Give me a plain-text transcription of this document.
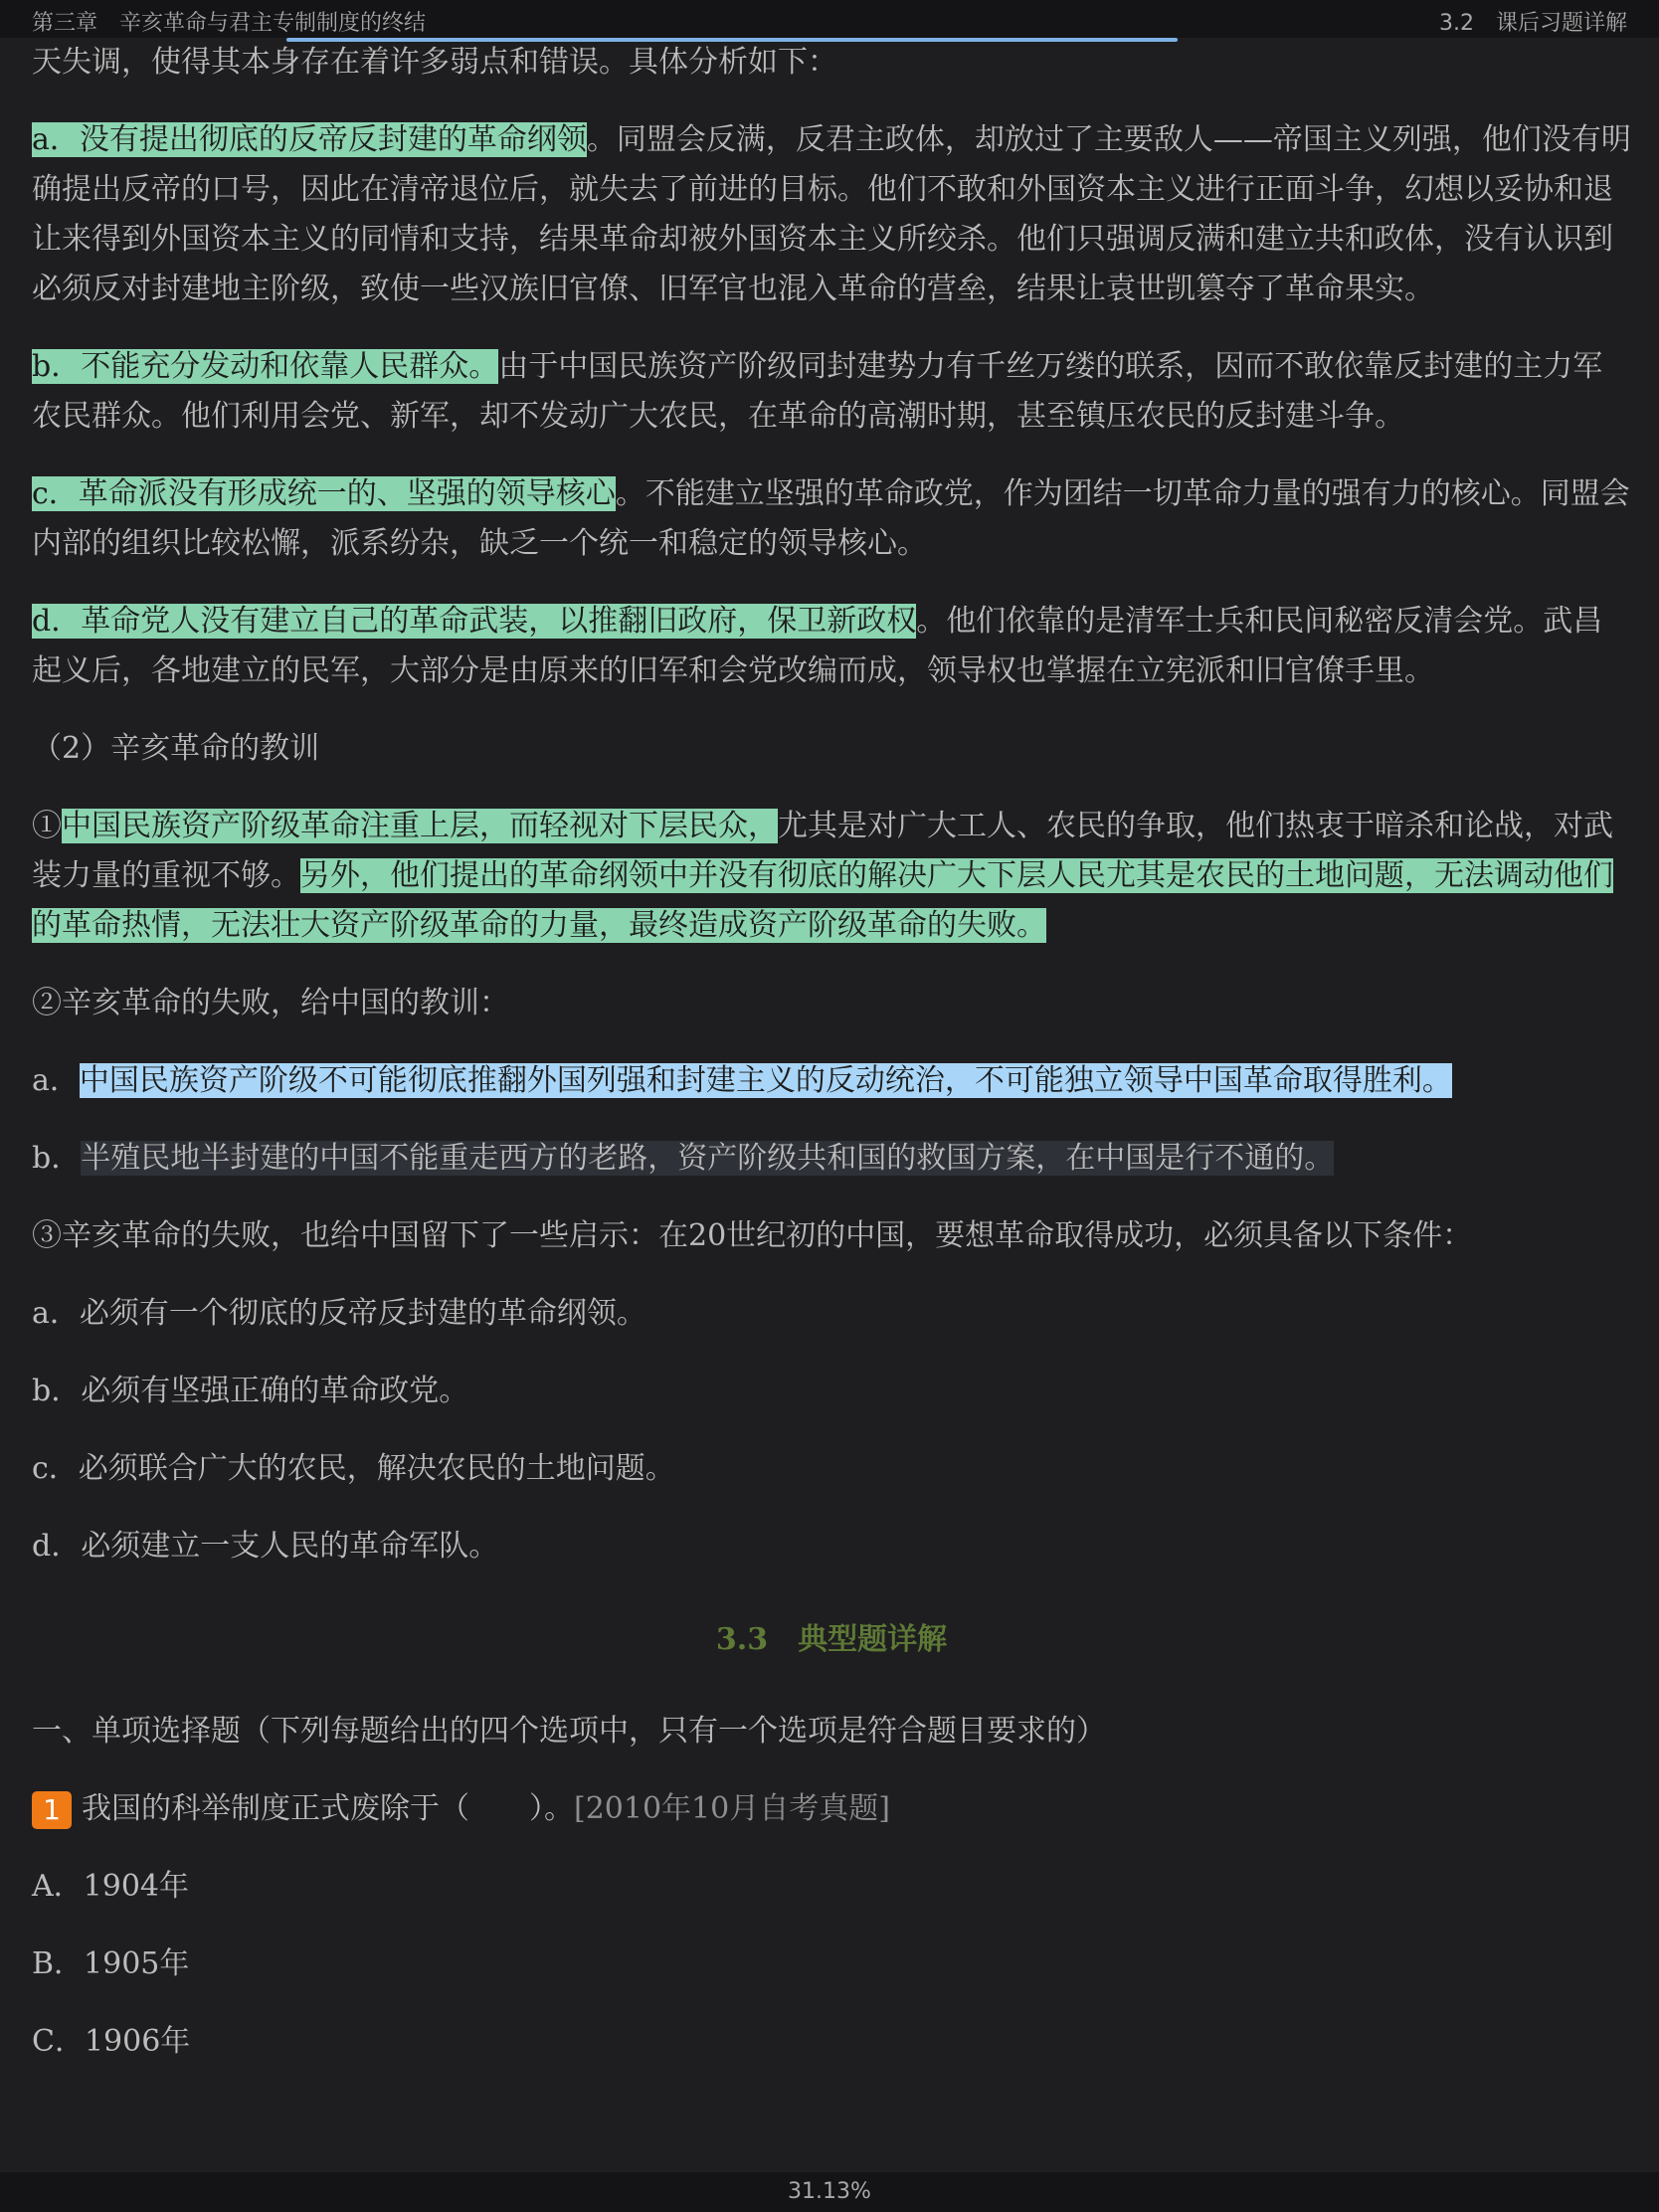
第三章　辛亥革命与君主专制制度的终结	3.2　课后习题详解

天失调，使得其本身存在着许多弱点和错误。具体分析如下：

a．没有提出彻底的反帝反封建的革命纲领。同盟会反满，反君主政体，却放过了主要敌人——帝国主义列强，他们没有明确提出反帝的口号，因此在清帝退位后，就失去了前进的目标。他们不敢和外国资本主义进行正面斗争，幻想以妥协和退让来得到外国资本主义的同情和支持，结果革命却被外国资本主义所绞杀。他们只强调反满和建立共和政体，没有认识到必须反对封建地主阶级，致使一些汉族旧官僚、旧军官也混入革命的营垒，结果让袁世凯篡夺了革命果实。

b．不能充分发动和依靠人民群众。由于中国民族资产阶级同封建势力有千丝万缕的联系，因而不敢依靠反封建的主力军农民群众。他们利用会党、新军，却不发动广大农民，在革命的高潮时期，甚至镇压农民的反封建斗争。

c．革命派没有形成统一的、坚强的领导核心。不能建立坚强的革命政党，作为团结一切革命力量的强有力的核心。同盟会内部的组织比较松懈，派系纷杂，缺乏一个统一和稳定的领导核心。

d．革命党人没有建立自己的革命武装，以推翻旧政府，保卫新政权。他们依靠的是清军士兵和民间秘密反清会党。武昌起义后，各地建立的民军，大部分是由原来的旧军和会党改编而成，领导权也掌握在立宪派和旧官僚手里。

（2）辛亥革命的教训

①中国民族资产阶级革命注重上层，而轻视对下层民众，尤其是对广大工人、农民的争取，他们热衷于暗杀和论战，对武装力量的重视不够。另外，他们提出的革命纲领中并没有彻底的解决广大下层人民尤其是农民的土地问题，无法调动他们的革命热情，无法壮大资产阶级革命的力量，最终造成资产阶级革命的失败。

②辛亥革命的失败，给中国的教训：

a．中国民族资产阶级不可能彻底推翻外国列强和封建主义的反动统治，不可能独立领导中国革命取得胜利。

b．半殖民地半封建的中国不能重走西方的老路，资产阶级共和国的救国方案，在中国是行不通的。

③辛亥革命的失败，也给中国留下了一些启示：在20世纪初的中国，要想革命取得成功，必须具备以下条件：

a．必须有一个彻底的反帝反封建的革命纲领。

b．必须有坚强正确的革命政党。

c．必须联合广大的农民，解决农民的土地问题。

d．必须建立一支人民的革命军队。

3.3　典型题详解

一、单项选择题（下列每题给出的四个选项中，只有一个选项是符合题目要求的）

1 我国的科举制度正式废除于（　　）。[2010年10月自考真题]

A．1904年

B．1905年

C．1906年

31.13%
